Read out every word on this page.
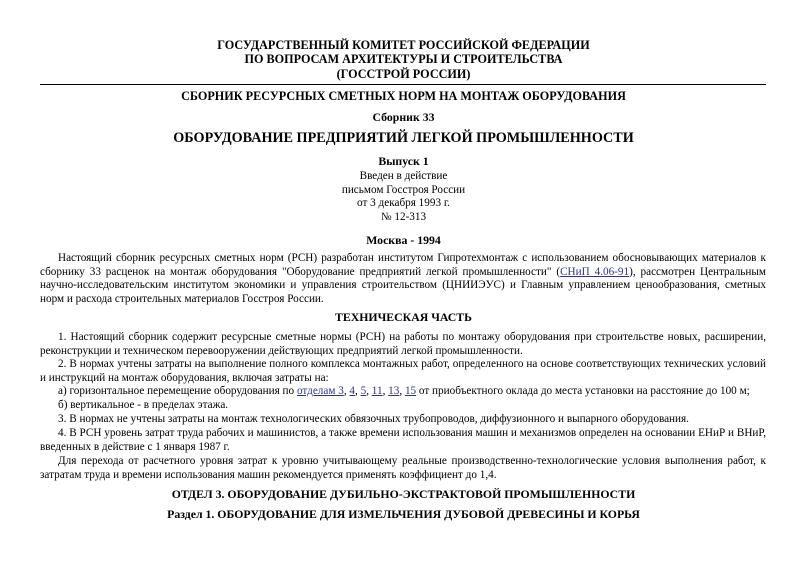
ГОСУДАРСТВЕННЫЙ КОМИТЕТ РОССИЙСКОЙ ФЕДЕРАЦИИ
ПО ВОПРОСАМ АРХИТЕКТУРЫ И СТРОИТЕЛЬСТВА
(ГОССТРОЙ РОССИИ)
СБОРНИК РЕСУРСНЫХ СМЕТНЫХ НОРМ НА МОНТАЖ ОБОРУДОВАНИЯ
Сборник 33
ОБОРУДОВАНИЕ ПРЕДПРИЯТИЙ ЛЕГКОЙ ПРОМЫШЛЕННОСТИ
Выпуск 1
Введен в действие
письмом Госстроя России
от 3 декабря 1993 г.
№ 12-313
Москва - 1994
Настоящий сборник ресурсных сметных норм (РСН) разработан институтом Гипротехмонтаж с использованием обосновывающих материалов к сборнику 33 расценок на монтаж оборудования "Оборудование предприятий легкой промышленности" (СНиП 4.06-91), рассмотрен Центральным научно-исследовательским институтом экономики и управления строительством (ЦНИИЭУС) и Главным управлением ценообразования, сметных норм и расхода строительных материалов Госстроя России.
ТЕХНИЧЕСКАЯ ЧАСТЬ
1. Настоящий сборник содержит ресурсные сметные нормы (РСН) на работы по монтажу оборудования при строительстве новых, расширении, реконструкции и техническом перевооружении действующих предприятий легкой промышленности.
2. В нормах учтены затраты на выполнение полного комплекса монтажных работ, определенного на основе соответствующих технических условий и инструкций на монтаж оборудования, включая затраты на:
а) горизонтальное перемещение оборудования по отделам 3, 4, 5, 11, 13, 15 от приобъектного оклада до места установки на расстояние до 100 м;
б) вертикальное - в пределах этажа.
3. В нормах не учтены затраты на монтаж технологических обвязочных трубопроводов, диффузионного и выпарного оборудования.
4. В РСН уровень затрат труда рабочих и машинистов, а также времени использования машин и механизмов определен на основании ЕНиР и ВНиР, введенных в действие с 1 января 1987 г.
Для перехода от расчетного уровня затрат к уровню учитывающему реальные производственно-технологические условия выполнения работ, к затратам труда и времени использования машин рекомендуется применять коэффициент до 1,4.
ОТДЕЛ 3. ОБОРУДОВАНИЕ ДУБИЛЬНО-ЭКСТРАКТОВОЙ ПРОМЫШЛЕННОСТИ
Раздел 1. ОБОРУДОВАНИЕ ДЛЯ ИЗМЕЛЬЧЕНИЯ ДУБОВОЙ ДРЕВЕСИНЫ И КОРЬЯ
